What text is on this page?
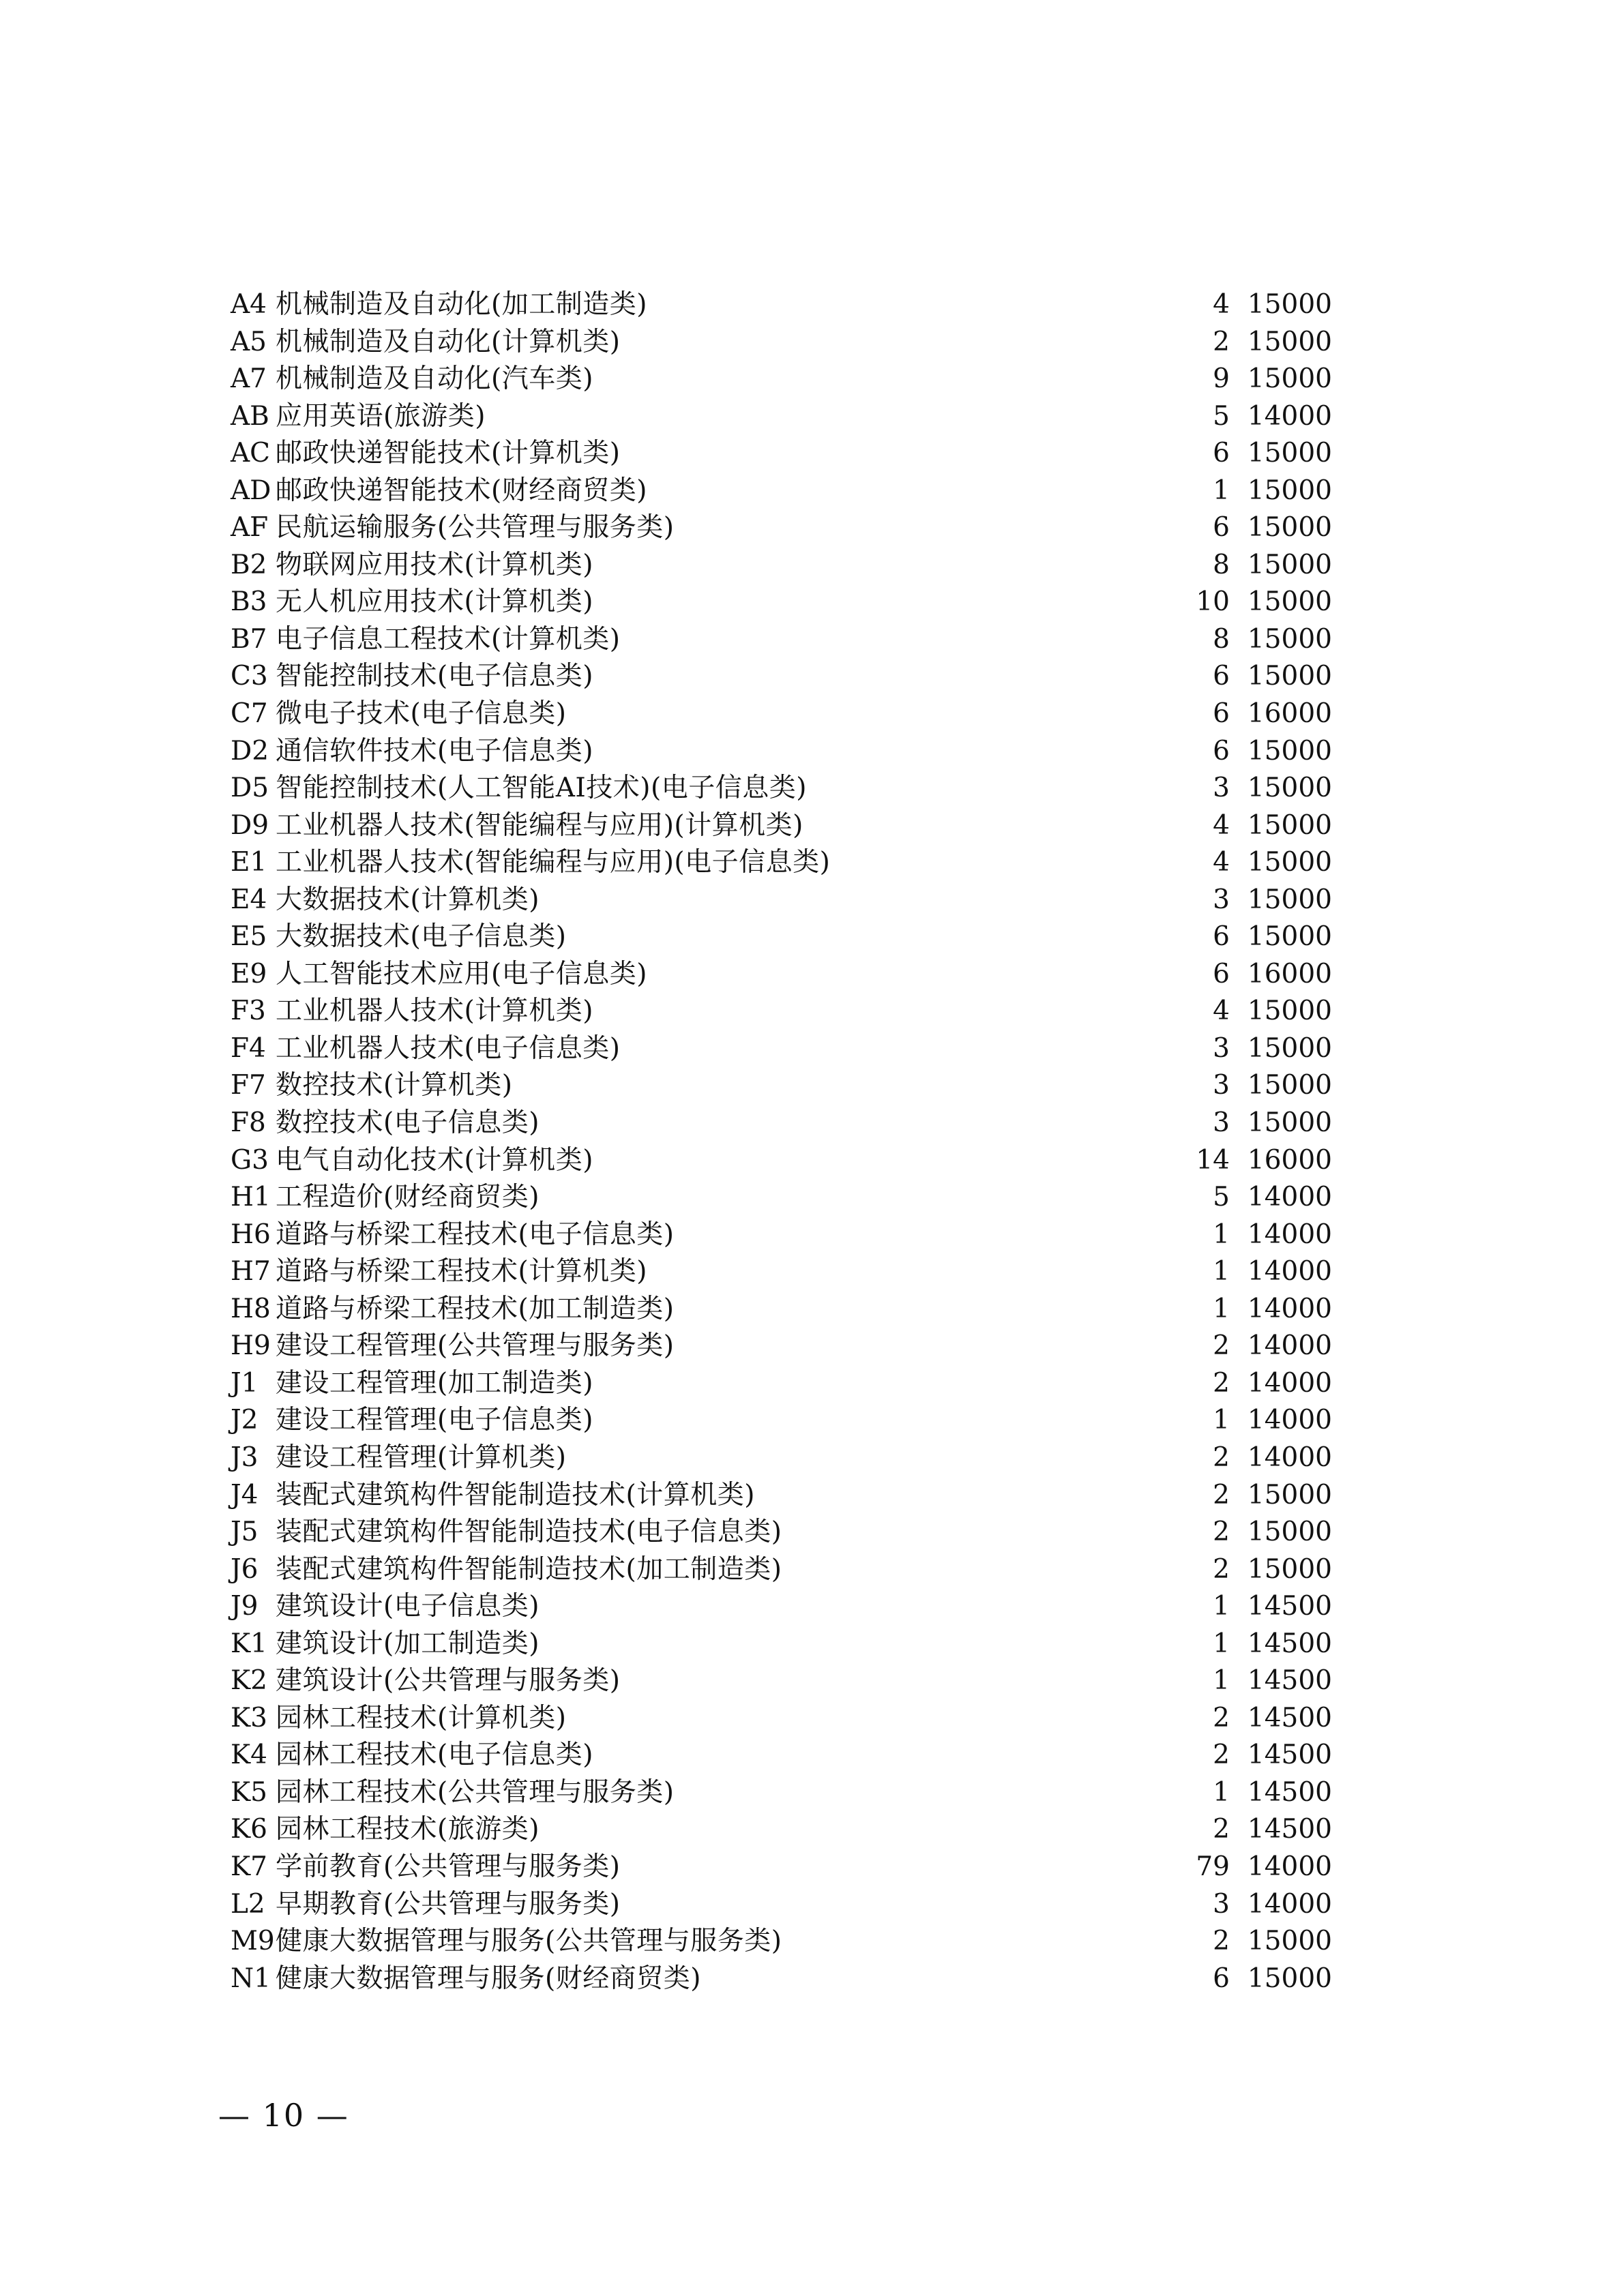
A4 机械制造及自动化(加工制造类)	4 15000
A5 机械制造及自动化(计算机类)	2 15000
A7 机械制造及自动化(汽车类)	9 15000
AB 应用英语(旅游类)	5 14000
AC 邮政快递智能技术(计算机类)	6 15000
AD 邮政快递智能技术(财经商贸类)	1 15000
AF 民航运输服务(公共管理与服务类)	6 15000
B2 物联网应用技术(计算机类)	8 15000
B3 无人机应用技术(计算机类)	10 15000
B7 电子信息工程技术(计算机类)	8 15000
C3 智能控制技术(电子信息类)	6 15000
C7 微电子技术(电子信息类)	6 16000
D2 通信软件技术(电子信息类)	6 15000
D5 智能控制技术(人工智能AI技术)(电子信息类)	3 15000
D9 工业机器人技术(智能编程与应用)(计算机类)	4 15000
E1 工业机器人技术(智能编程与应用)(电子信息类)	4 15000
E4 大数据技术(计算机类)	3 15000
E5 大数据技术(电子信息类)	6 15000
E9 人工智能技术应用(电子信息类)	6 16000
F3 工业机器人技术(计算机类)	4 15000
F4 工业机器人技术(电子信息类)	3 15000
F7 数控技术(计算机类)	3 15000
F8 数控技术(电子信息类)	3 15000
G3 电气自动化技术(计算机类)	14 16000
H1 工程造价(财经商贸类)	5 14000
H6 道路与桥梁工程技术(电子信息类)	1 14000
H7 道路与桥梁工程技术(计算机类)	1 14000
H8 道路与桥梁工程技术(加工制造类)	1 14000
H9 建设工程管理(公共管理与服务类)	2 14000
J1 建设工程管理(加工制造类)	2 14000
J2 建设工程管理(电子信息类)	1 14000
J3 建设工程管理(计算机类)	2 14000
J4 装配式建筑构件智能制造技术(计算机类)	2 15000
J5 装配式建筑构件智能制造技术(电子信息类)	2 15000
J6 装配式建筑构件智能制造技术(加工制造类)	2 15000
J9 建筑设计(电子信息类)	1 14500
K1 建筑设计(加工制造类)	1 14500
K2 建筑设计(公共管理与服务类)	1 14500
K3 园林工程技术(计算机类)	2 14500
K4 园林工程技术(电子信息类)	2 14500
K5 园林工程技术(公共管理与服务类)	1 14500
K6 园林工程技术(旅游类)	2 14500
K7 学前教育(公共管理与服务类)	79 14000
L2 早期教育(公共管理与服务类)	3 14000
M9 健康大数据管理与服务(公共管理与服务类)	2 15000
N1 健康大数据管理与服务(财经商贸类)	6 15000
— 10 —
